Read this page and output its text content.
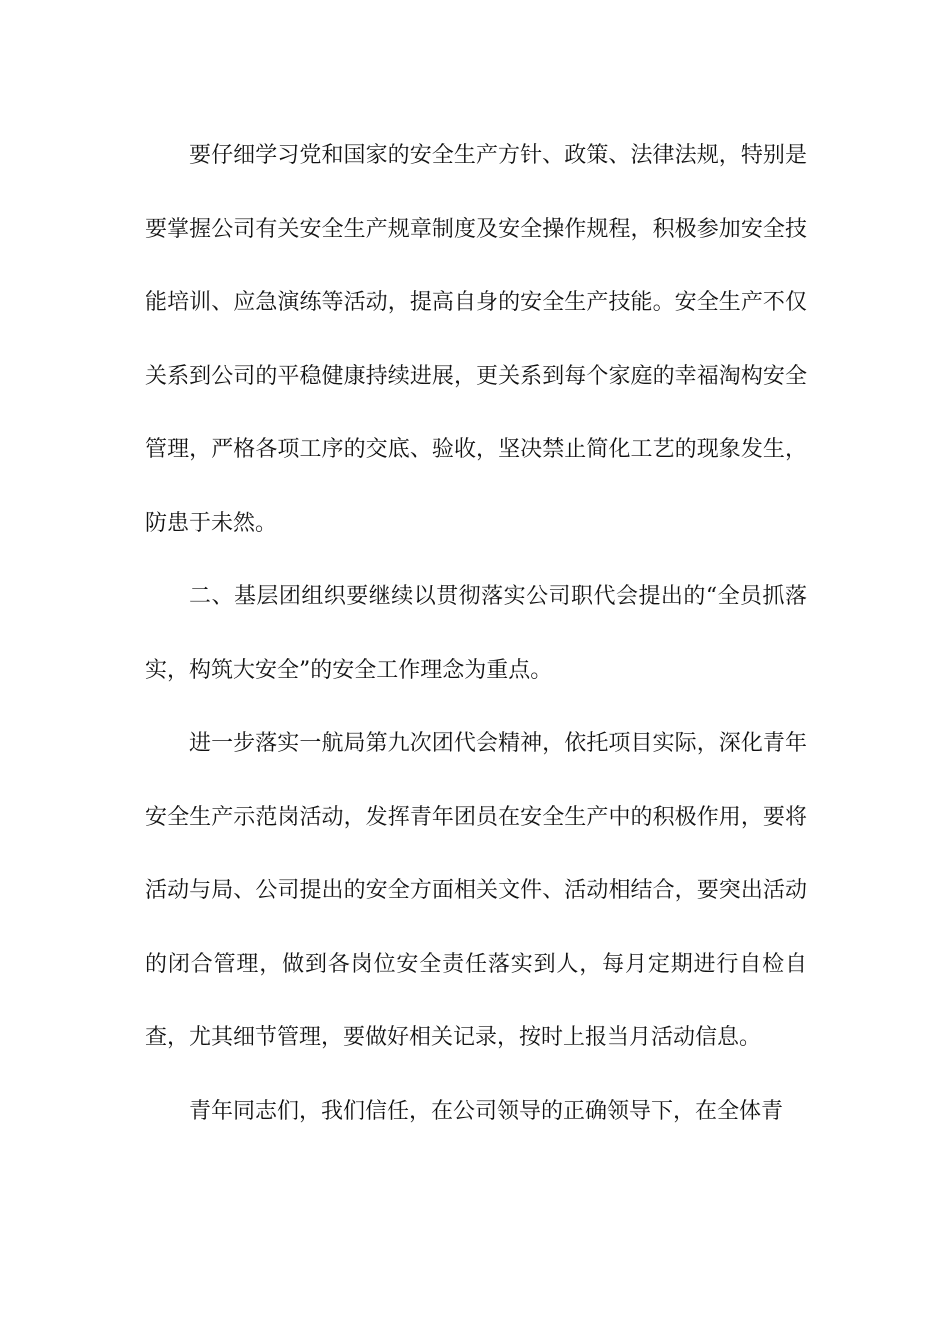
要仔细学习党和国家的安全生产方针、政策、法律法规，特别是要掌握公司有关安全生产规章制度及安全操作规程，积极参加安全技能培训、应急演练等活动，提高自身的安全生产技能。安全生产不仅关系到公司的平稳健康持续进展，更关系到每个家庭的幸福淘构安全管理，严格各项工序的交底、验收，坚决禁止简化工艺的现象发生，防患于未然。

二、基层团组织要继续以贯彻落实公司职代会提出的“全员抓落实，构筑大安全”的安全工作理念为重点。

进一步落实一航局第九次团代会精神，依托项目实际，深化青年安全生产示范岗活动，发挥青年团员在安全生产中的积极作用，要将活动与局、公司提出的安全方面相关文件、活动相结合，要突出活动的闭合管理，做到各岗位安全责任落实到人，每月定期进行自检自查，尤其细节管理，要做好相关记录，按时上报当月活动信息。

青年同志们，我们信任，在公司领导的正确领导下，在全体青
